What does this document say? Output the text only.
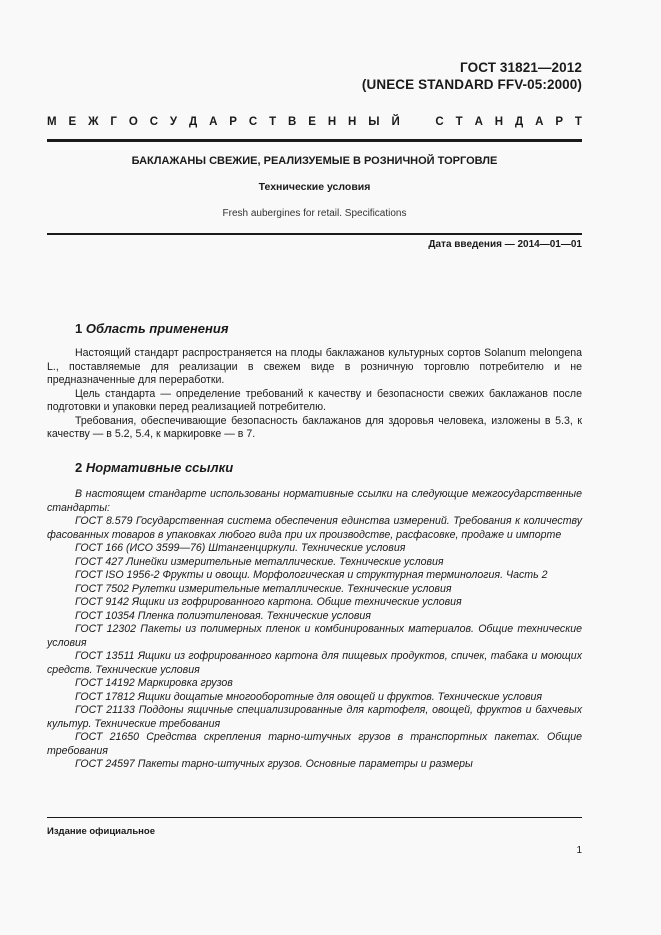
ГОСТ 31821—2012
(UNECE STANDARD FFV-05:2000)
М Е Ж Г О С У Д А Р С Т В Е Н Н Ы Й	С Т А Н Д А Р Т
БАКЛАЖАНЫ СВЕЖИЕ, РЕАЛИЗУЕМЫЕ В РОЗНИЧНОЙ ТОРГОВЛЕ
Технические условия
Fresh aubergines for retail. Specifications
Дата введения — 2014—01—01
1 Область применения

Настоящий стандарт распространяется на плоды баклажанов культурных сортов Solanum melongena L., поставляемые для реализации в свежем виде в розничную торговлю потребителю и не предназначенные для переработки.

Цель стандарта — определение требований к качеству и безопасности свежих баклажанов после подготовки и упаковки перед реализацией потребителю.

Требования, обеспечивающие безопасность баклажанов для здоровья человека, изложены в 5.3, к качеству — в 5.2, 5.4, к маркировке — в 7.

2 Нормативные ссылки

В настоящем стандарте использованы нормативные ссылки на следующие межгосударственные стандарты:

ГОСТ 8.579 Государственная система обеспечения единства измерений. Требования к количеству фасованных товаров в упаковках любого вида при их производстве, расфасовке, продаже и импорте

ГОСТ 166 (ИСО 3599—76) Штангенциркули. Технические условия

ГОСТ 427 Линейки измерительные металлические. Технические условия

ГОСТ ISO 1956-2 Фрукты и овощи. Морфологическая и структурная терминология. Часть 2

ГОСТ 7502 Рулетки измерительные металлические. Технические условия

ГОСТ 9142 Ящики из гофрированного картона. Общие технические условия

ГОСТ 10354 Пленка полиэтиленовая. Технические условия

ГОСТ 12302 Пакеты из полимерных пленок и комбинированных материалов. Общие технические условия

ГОСТ 13511 Ящики из гофрированного картона для пищевых продуктов, спичек, табака и моющих средств. Технические условия

ГОСТ 14192 Маркировка грузов

ГОСТ 17812 Ящики дощатые многооборотные для овощей и фруктов. Технические условия

ГОСТ 21133 Поддоны ящичные специализированные для картофеля, овощей, фруктов и бахчевых культур. Технические требования

ГОСТ 21650 Средства скрепления тарно-штучных грузов в транспортных пакетах. Общие требования

ГОСТ 24597 Пакеты тарно-штучных грузов. Основные параметры и размеры

Издание официальное
1
